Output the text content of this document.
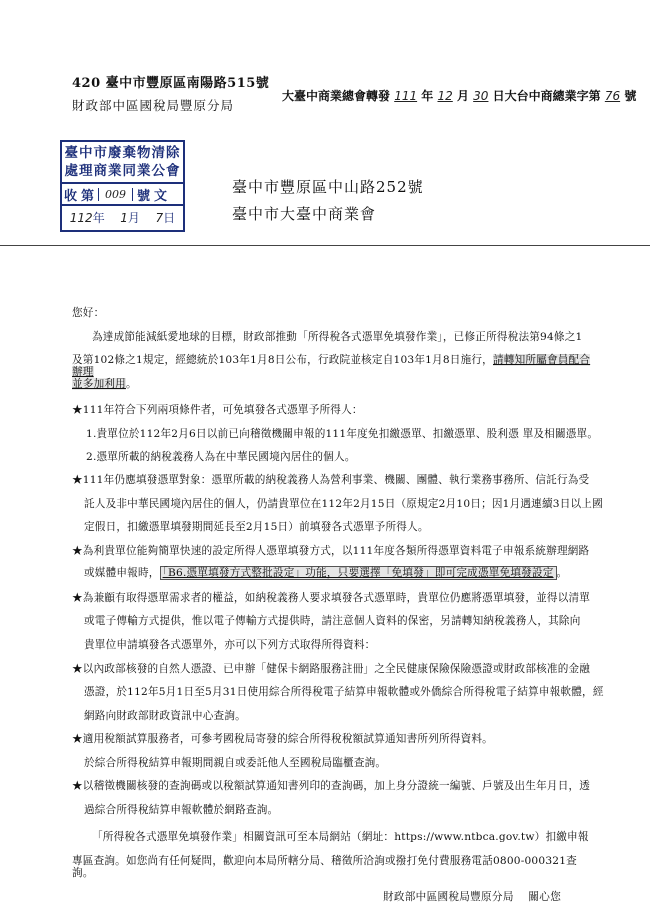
420 臺中市豐原區南陽路515號
財政部中區國稅局豐原分局
大臺中商業總會轉發 111 年 12 月 30 日大台中商總業字第 76 號
臺中市廢棄物清除
處理商業同業公會
收 第	009 號 文
112年 1月 7日
臺中市豐原區中山路252號
臺中市大臺中商業會
您好：
為達成節能減紙愛地球的目標，財政部推動「所得稅各式憑單免填發作業」，已修正所得稅法第94條之1
及第102條之1規定，經總統於103年1月8日公布，行政院並核定自103年1月8日施行，請轉知所屬會員配合辦理
並多加利用。
★111年符合下列兩項條件者，可免填發各式憑單予所得人：
1.貴單位於112年2月6日以前已向稽徵機關申報的111年度免扣繳憑單、扣繳憑單、股利憑 單及相關憑單。
2.憑單所載的納稅義務人為在中華民國境內居住的個人。
★111年仍應填發憑單對象：憑單所載的納稅義務人為營利事業、機關、團體、執行業務事務所、信託行為受
託人及非中華民國境內居住的個人，仍請貴單位在112年2月15日（原規定2月10日；因1月遇連續3日以上國
定假日，扣繳憑單填發期間延長至2月15日）前填發各式憑單予所得人。
★為利貴單位能夠簡單快速的設定所得人憑單填發方式，以111年度各類所得憑單資料電子申報系統辦理網路
或媒體申報時， 「B6.憑單填發方式整批設定」功能，只要選擇「免填發」即可完成憑單免填發設定 。
★為兼顧有取得憑單需求者的權益，如納稅義務人要求填發各式憑單時，貴單位仍應將憑單填發，並得以清單
或電子傳輸方式提供，惟以電子傳輸方式提供時，請注意個人資料的保密，另請轉知納稅義務人，其除向
貴單位申請填發各式憑單外，亦可以下列方式取得所得資料：
★以內政部核發的自然人憑證、已申辦「健保卡網路服務註冊」之全民健康保險保險憑證或財政部核准的金融
憑證，於112年5月1日至5月31日使用綜合所得稅電子結算申報軟體或外僑綜合所得稅電子結算申報軟體，經
網路向財政部財政資訊中心查詢。
★適用稅額試算服務者，可參考國稅局寄發的綜合所得稅稅額試算通知書所列所得資料。
於綜合所得稅結算申報期間親自或委託他人至國稅局臨櫃查詢。
★以稽徵機關核發的查詢碼或以稅額試算通知書列印的查詢碼，加上身分證統一編號、戶號及出生年月日，透
過綜合所得稅結算申報軟體於網路查詢。
「所得稅各式憑單免填發作業」相關資訊可至本局網站（網址：https://www.ntbca.gov.tw）扣繳申報
專區查詢。如您尚有任何疑問，歡迎向本局所轄分局、稽徵所洽詢或撥打免付費服務電話0800-000321查詢。
財政部中區國稅局豐原分局 關心您
